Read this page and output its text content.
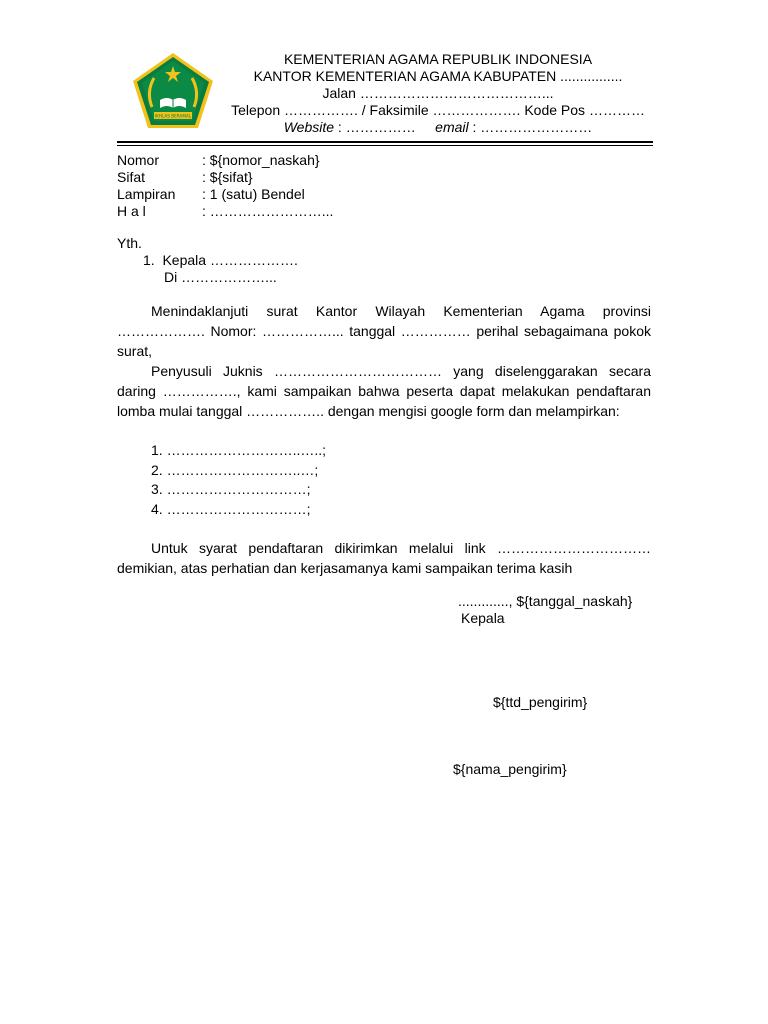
IKHLAS BERAMAL
KEMENTERIAN AGAMA REPUBLIK INDONESIA
KANTOR KEMENTERIAN AGAMA KABUPATEN ................
Jalan …………………………………...
Telepon ……………. / Faksimile ………………. Kode Pos …………
Website : …………… email : ……………………
Nomor	: ${nomor_naskah}
Sifat	: ${sifat}
Lampiran : 1 (satu) Bendel
H a l	: ……………………...
Yth.
1. Kepala ……………….
Di ………………...
Menindaklanjuti surat Kantor Wilayah Kementerian Agama provinsi ………………. Nomor: ……………... tanggal …………… perihal sebagaimana pokok surat,
Penyusuli Juknis ……………………………… yang diselenggarakan secara daring ……………., kami sampaikan bahwa peserta dapat melakukan pendaftaran lomba mulai tanggal …………….. dengan mengisi google form dan melampirkan:
1. ………………………..…..;
2. ………………………..…;
3. …………………………;
4. …………………………;
Untuk syarat pendaftaran dikirimkan melalui link ……………………………demikian, atas perhatian dan kerjasamanya kami sampaikan terima kasih
............., ${tanggal_naskah}
Kepala
${ttd_pengirim}
${nama_pengirim}
